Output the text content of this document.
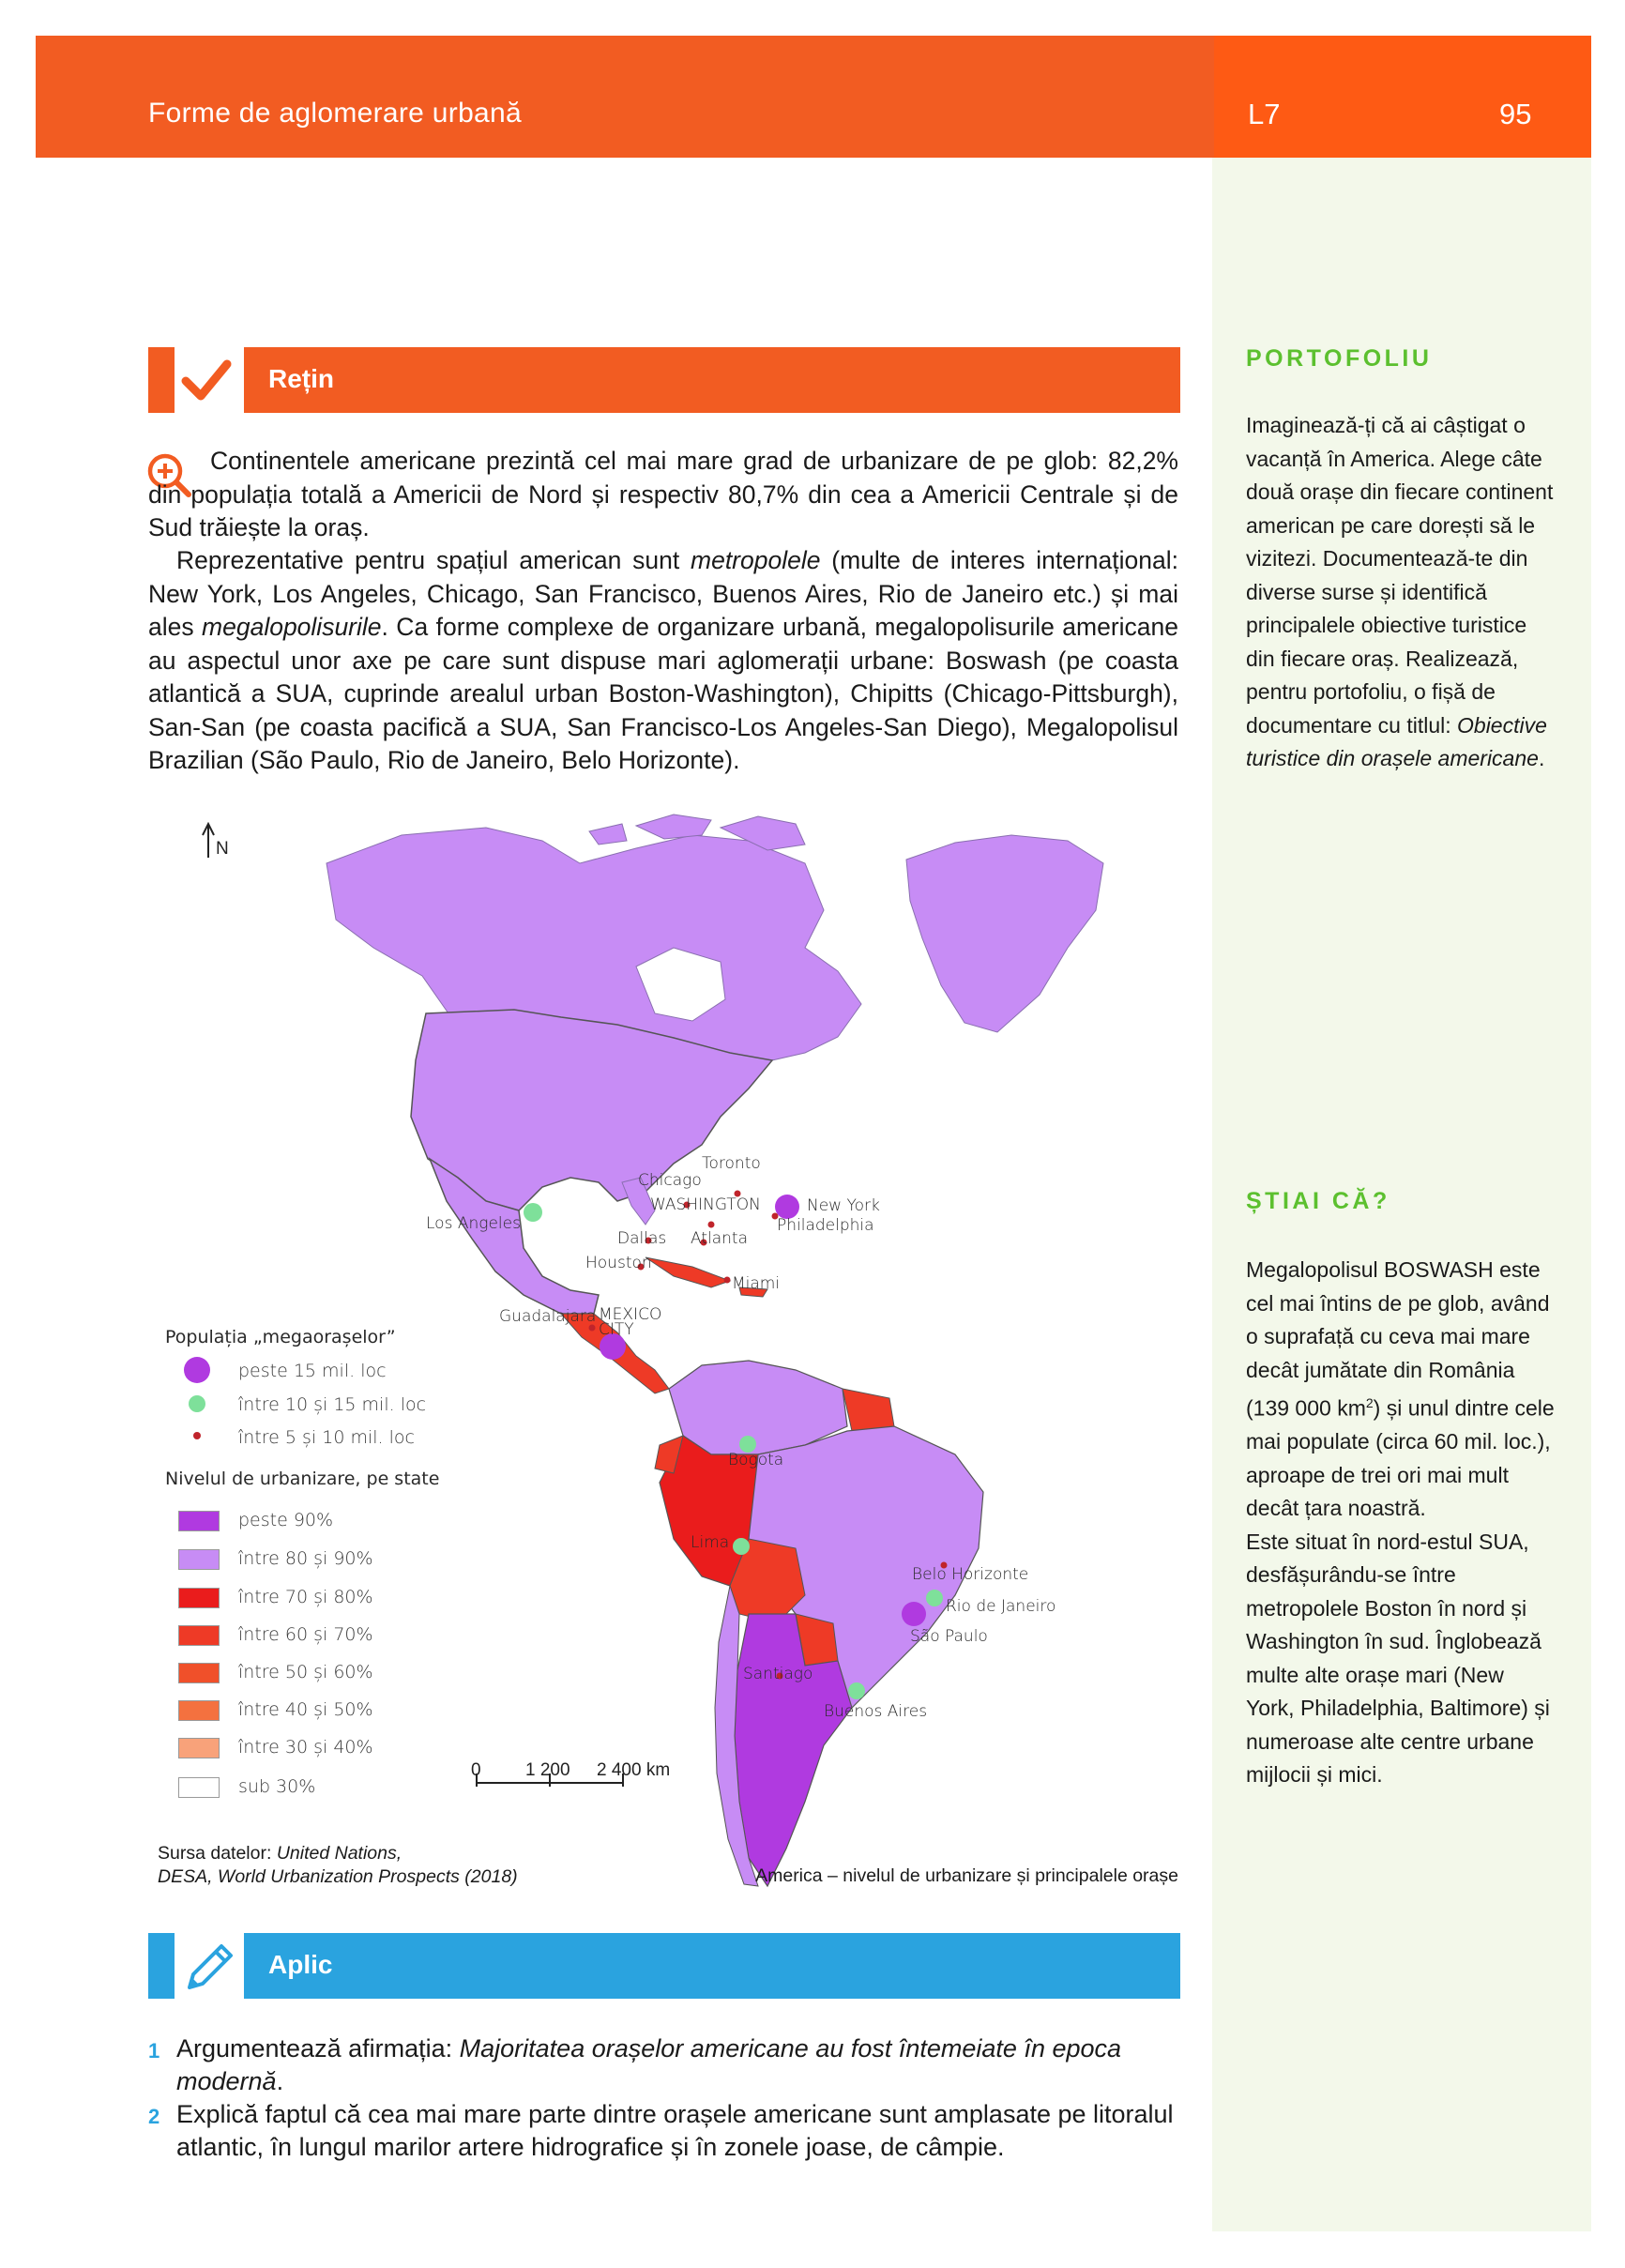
Forme de aglomerare urbană	L7	95
Rețin
Continentele americane prezintă cel mai mare grad de urbanizare de pe glob: 82,2% din populația totală a Americii de Nord și respectiv 80,7% din cea a Americii Centrale și de Sud trăiește la oraș.
Reprezentative pentru spațiul american sunt metropolele (multe de interes internațional: New York, Los Angeles, Chicago, San Francisco, Buenos Aires, Rio de Janeiro etc.) și mai ales megalopolisurile. Ca forme complexe de organizare urbană, megalopolisurile americane au aspectul unor axe pe care sunt dispuse mari aglomerații urbane: Boswash (pe coasta atlantică a SUA, cuprinde arealul urban Boston-Washington), Chipitts (Chicago-Pittsburgh), San-San (pe coasta pacifică a SUA, San Francisco-Los Angeles-San Diego), Megalopolisul Brazilian (São Paulo, Rio de Janeiro, Belo Horizonte).
PORTOFOLIU
Imaginează-ți că ai câștigat o vacanță în America. Alege câte două orașe din fiecare continent american pe care dorești să le vizitezi. Documentează-te din diverse surse și identifică principalele obiective turistice din fiecare oraș. Realizează, pentru portofoliu, o fișă de documentare cu titlul: Obiective turistice din orașele americane.
ȘTIAI CĂ?
Megalopolisul BOSWASH este cel mai întins de pe glob, având o suprafață cu ceva mai mare decât jumătate din România (139 000 $km^2$) și unul dintre cele mai populate (circa 60 mil. loc.), aproape de trei ori mai mult decât țara noastră.
Este situat în nord-estul SUA, desfășurându-se între metropolele Boston în nord și Washington în sud. Înglobează multe alte orașe mari (New York, Philadelphia, Baltimore) și numeroase alte centre urbane mijlocii și mici.
N
Toronto
Chicago
WASHINGTON	New York
Philadelphia
Los Angeles
Dallas Atlanta
Houston
Miami
Guadalajara MEXICO CITY
Bogota
Lima
Belo Horizonte
Rio de Janeiro
São Paulo
Santiago
Buenos Aires
Populația „megaorașelor”
peste 15 mil. loc
între 10 și 15 mil. loc
între 5 și 10 mil. loc
Nivelul de urbanizare, pe state
peste 90%
între 80 și 90%
între 70 și 80%
între 60 și 70%
între 50 și 60%
între 40 și 50%
între 30 și 40%
sub 30%
0 1 200 2 400 km
Sursa datelor: United Nations,
DESA, World Urbanization Prospects (2018)	America – nivelul de urbanizare și principalele orașe
Aplic
1 Argumentează afirmația: Majoritatea orașelor americane au fost întemeiate în epoca modernă.
2 Explică faptul că cea mai mare parte dintre orașele americane sunt amplasate pe litoralul atlantic, în lungul marilor artere hidrografice și în zonele joase, de câmpie.
